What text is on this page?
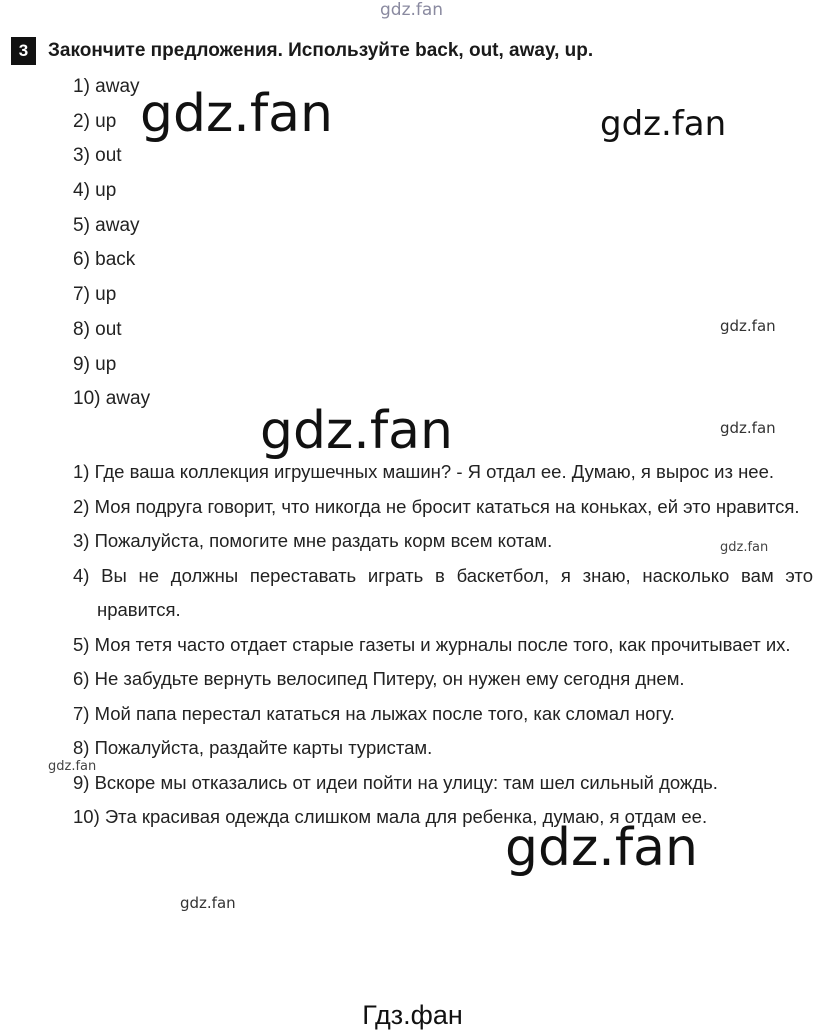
gdz.fan
gdz.fan	gdz.fan
gdz.fan
gdz.fan	gdz.fan
gdz.fan
gdz.fan
gdz.fan
gdz.fan
3	Закончите предложения. Используйте back, out, away, up.
1) away
2) up
3) out
4) up
5) away
6) back
7) up
8) out
9) up
10) away
1) Где ваша коллекция игрушечных машин? - Я отдал ее. Думаю, я вырос из нее.
2) Моя подруга говорит, что никогда не бросит кататься на коньках, ей это нравится.
3) Пожалуйста, помогите мне раздать корм всем котам.
4) Вы не должны переставать играть в баскетбол, я знаю, насколько вам это нравится.
5) Моя тетя часто отдает старые газеты и журналы после того, как прочитывает их.
6) Не забудьте вернуть велосипед Питеру, он нужен ему сегодня днем.
7) Мой папа перестал кататься на лыжах после того, как сломал ногу.
8) Пожалуйста, раздайте карты туристам.
9) Вскоре мы отказались от идеи пойти на улицу: там шел сильный дождь.
10) Эта красивая одежда слишком мала для ребенка, думаю, я отдам ее.
Гдз.фан
